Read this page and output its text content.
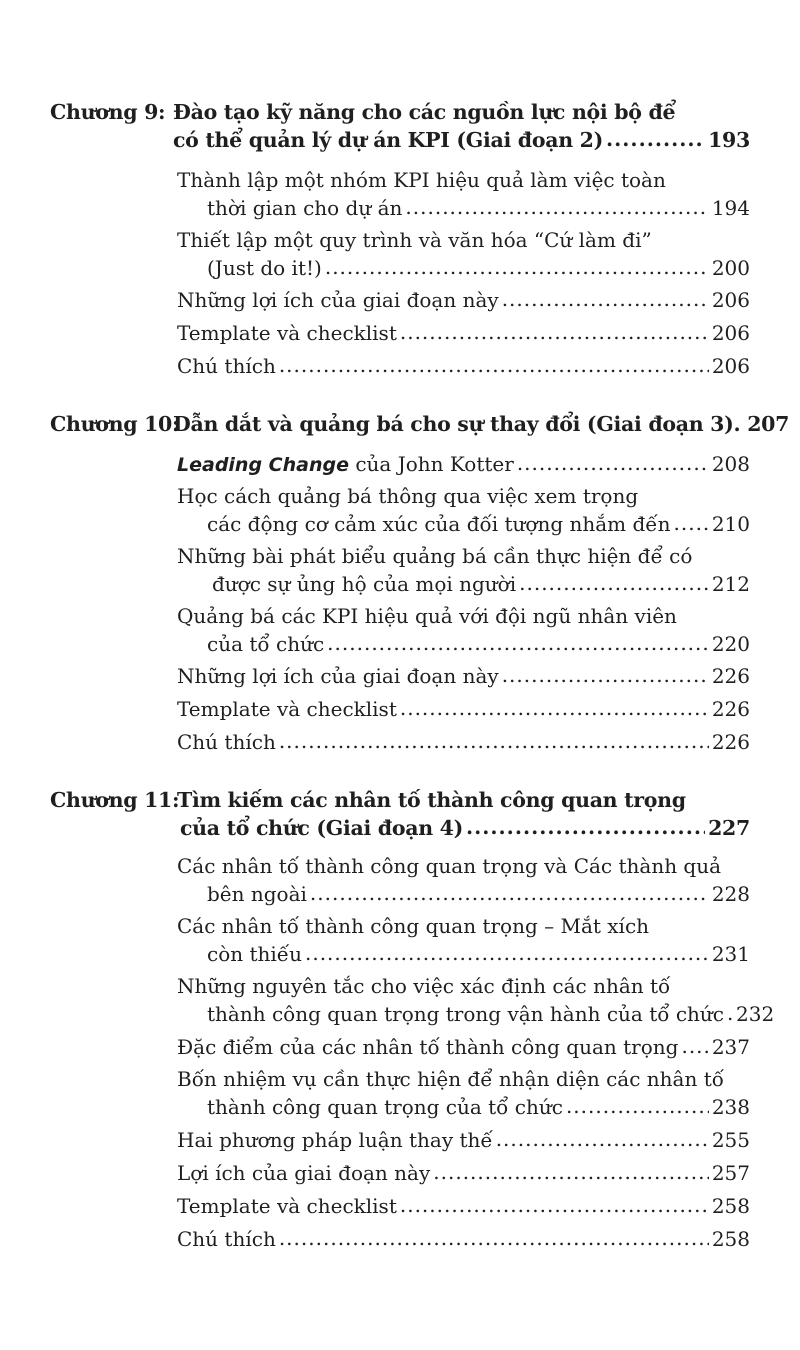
Chương 9: Đào tạo kỹ năng cho các nguồn lực nội bộ để
có thể quản lý dự án KPI (Giai đoạn 2) .....	193
Thành lập một nhóm KPI hiệu quả làm việc toàn
thời gian cho dự án .....	194
Thiết lập một quy trình và văn hóa “Cứ làm đi”
(Just do it!) .....	200
Những lợi ích của giai đoạn này .....	206
Template và checklist .....	206
Chú thích .....	206
Chương 10:
Dẫn dắt và quảng bá cho sự thay đổi (Giai đoạn 3). 207
Leading Change của John Kotter .....	208
Học cách quảng bá thông qua việc xem trọng
các động cơ cảm xúc của đối tượng nhắm đến ..... 210
Những bài phát biểu quảng bá cần thực hiện để có
được sự ủng hộ của mọi người .....	212
Quảng bá các KPI hiệu quả với đội ngũ nhân viên
của tổ chức .....	220
Những lợi ích của giai đoạn này .....	226
Template và checklist .....	226
Chú thích .....	226
Chương 11:
Tìm kiếm các nhân tố thành công quan trọng
của tổ chức (Giai đoạn 4) .....	227
Các nhân tố thành công quan trọng và Các thành quả
bên ngoài .....	228
Các nhân tố thành công quan trọng – Mắt xích
còn thiếu .....	231
Những nguyên tắc cho việc xác định các nhân tố
thành công quan trọng trong vận hành của tổ chức ..... 232
Đặc điểm của các nhân tố thành công quan trọng ..... 237
Bốn nhiệm vụ cần thực hiện để nhận diện các nhân tố
thành công quan trọng của tổ chức .....	238
Hai phương pháp luận thay thế .....	255
Lợi ích của giai đoạn này .....	257
Template và checklist .....	258
Chú thích .....	258
